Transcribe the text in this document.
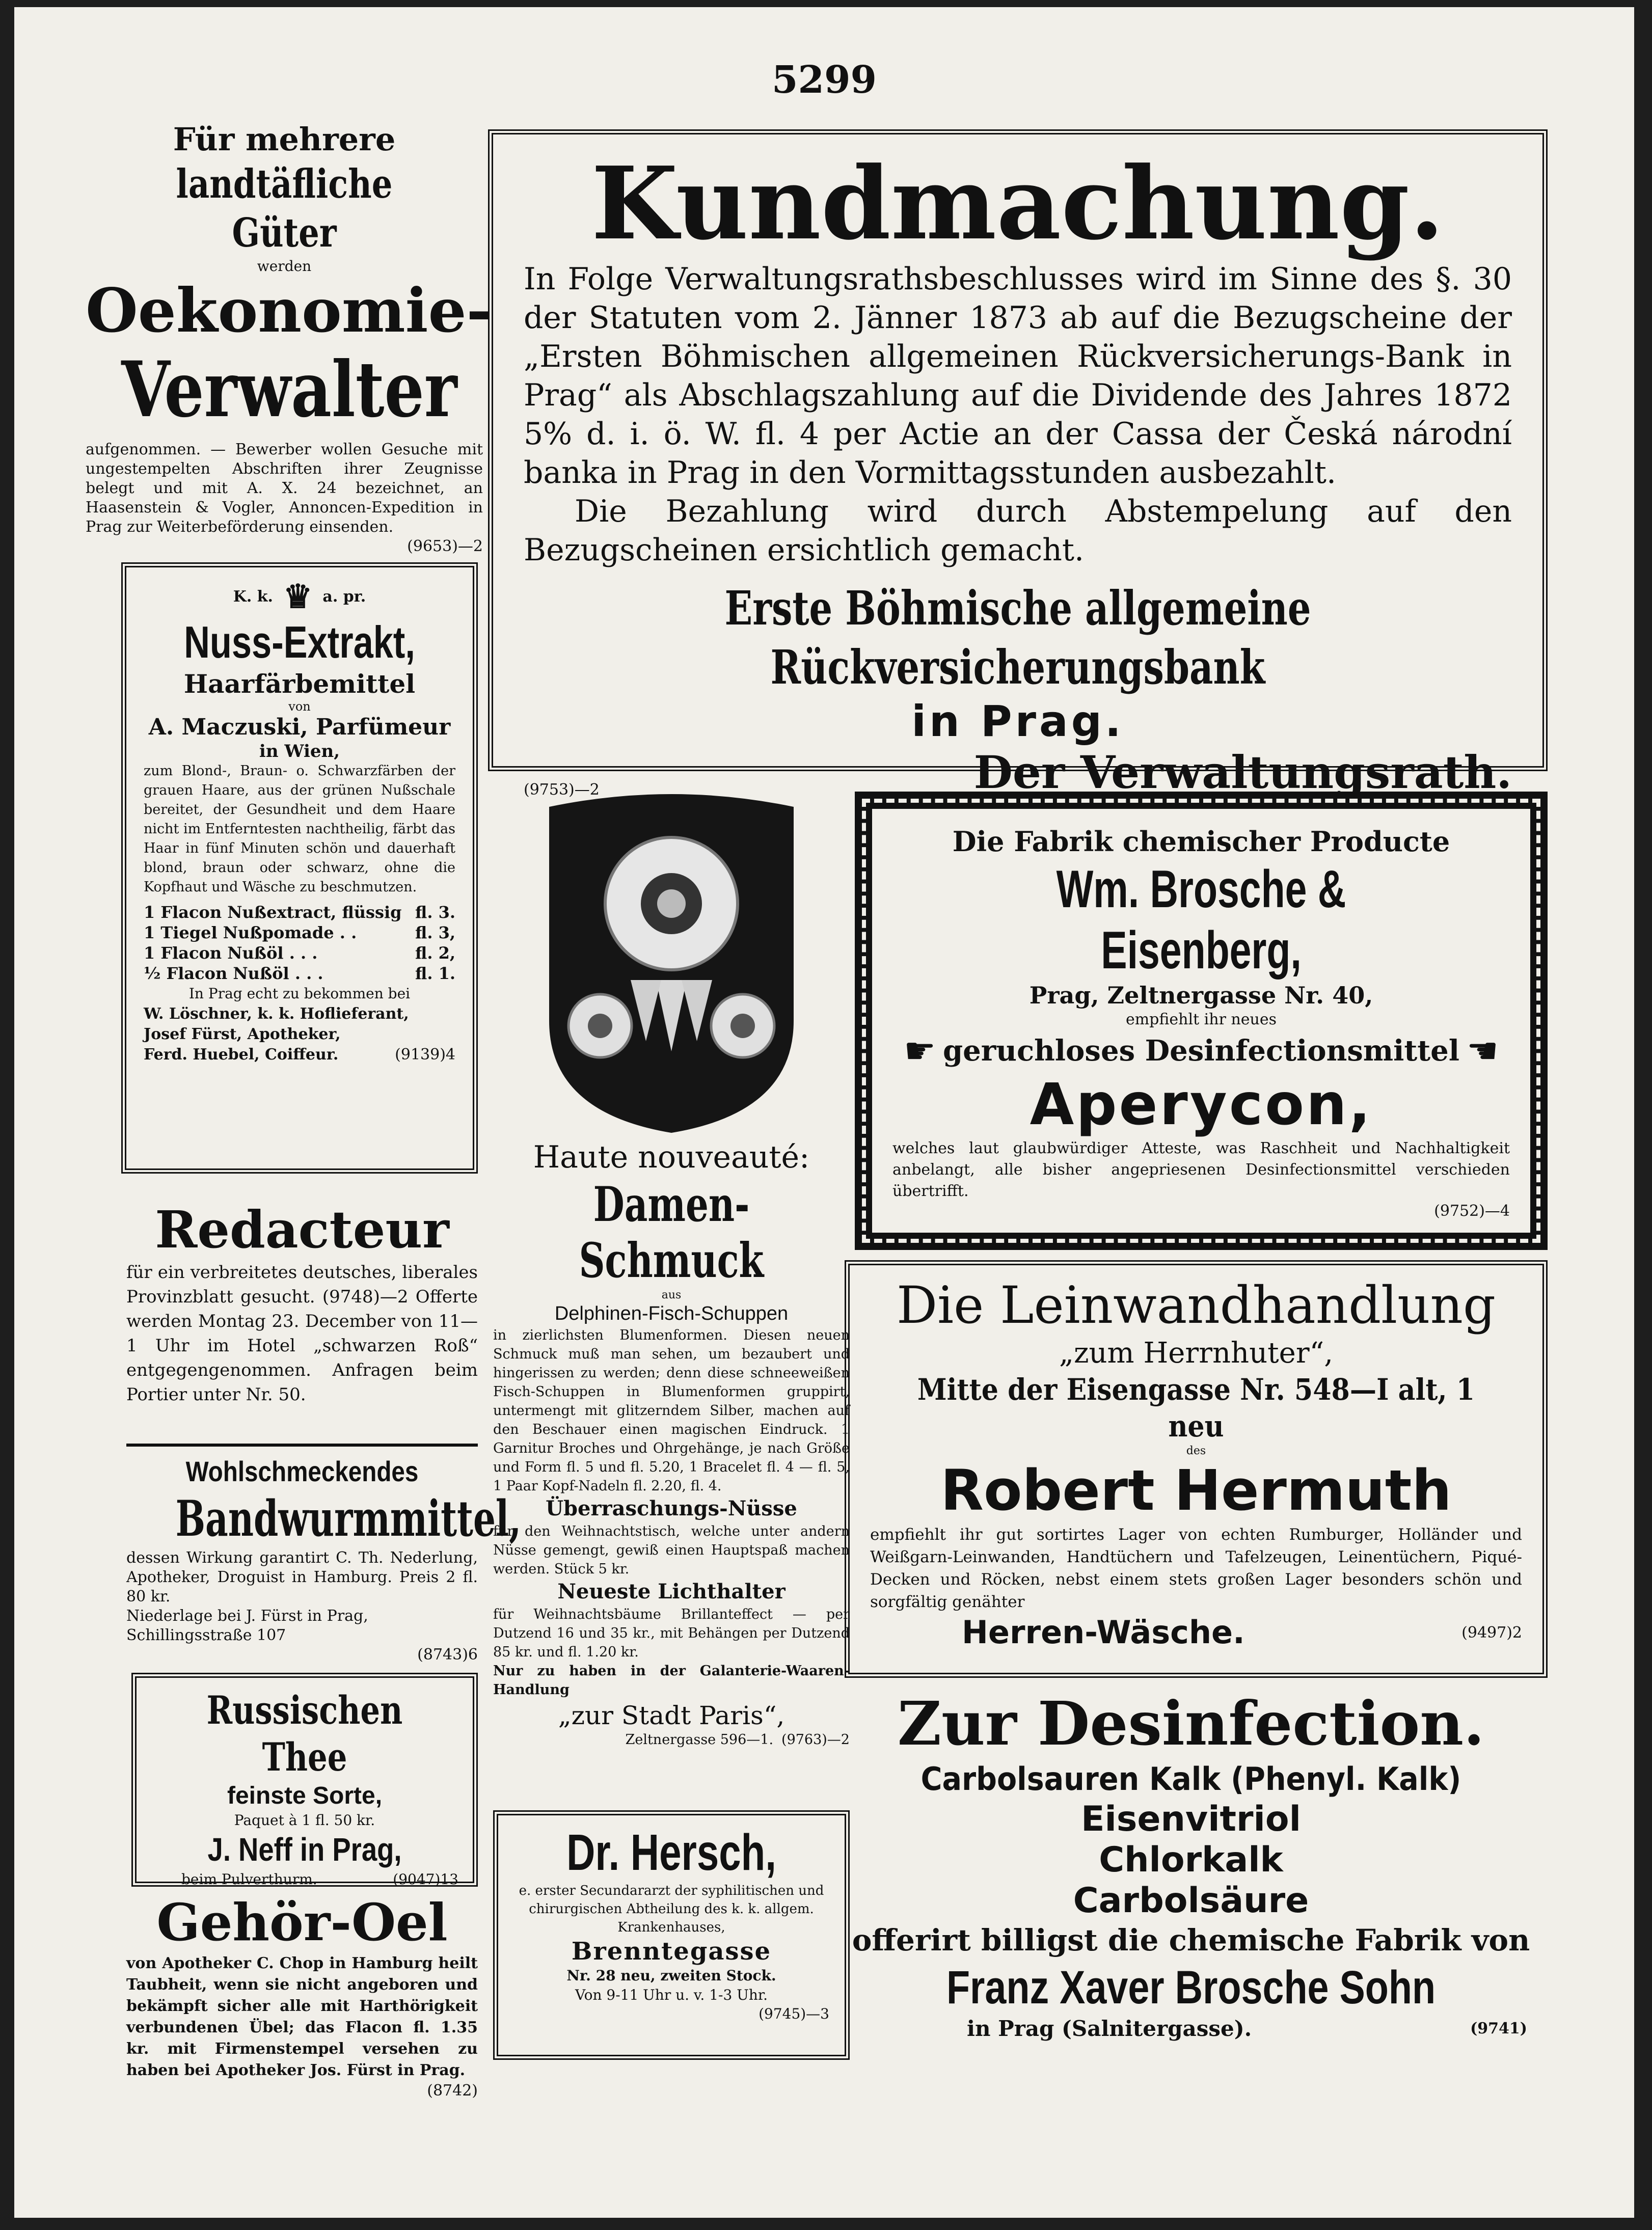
5299
Für mehrere
landtäfliche Güter
werden
Oekonomie-
Verwalter
aufgenommen. — Bewerber wollen Gesuche mit ungestempelten Abschriften ihrer Zeugnisse belegt und mit A. X. 24 bezeichnet, an Haasenstein & Vogler, Annoncen-Expedition in Prag zur Weiterbeförderung einsenden.
(9653)—2
K. k. ♛ a. pr.
Nuss-Extrakt,
Haarfärbemittel
von
A. Maczuski, Parfümeur
in Wien,
zum Blond-, Braun- o. Schwarzfärben der grauen Haare, aus der grünen Nußschale bereitet, der Gesundheit und dem Haare nicht im Entferntesten nachtheilig, färbt das Haar in fünf Minuten schön und dauerhaft blond, braun oder schwarz, ohne die Kopfhaut und Wäsche zu beschmutzen.
1 Flacon Nußextract, flüssig fl. 3.
1 Tiegel Nußpomade . .	fl. 3,
1 Flacon Nußöl . . .	fl. 2,
½ Flacon Nußöl . . .	fl. 1.
In Prag echt zu bekommen bei
W. Löschner, k. k. Hoflieferant,
Josef Fürst, Apotheker,
Ferd. Huebel, Coiffeur.	(9139)4
Redacteur
für ein verbreitetes deutsches, liberales Provinzblatt gesucht. (9748)—2 Offerte werden Montag 23. December von 11—1 Uhr im Hotel „schwarzen Roß“ entgegengenommen. Anfragen beim Portier unter Nr. 50.
Wohlschmeckendes
Bandwurmmittel,
dessen Wirkung garantirt C. Th. Nederlung, Apotheker, Droguist in Hamburg. Preis 2 fl. 80 kr.
Niederlage bei J. Fürst in Prag, Schillingsstraße 107
(8743)6
Russischen Thee
feinste Sorte,
Paquet à 1 fl. 50 kr.
J. Neff in Prag,
beim Pulverthurm.	(9047)13
Gehör-Oel
von Apotheker C. Chop in Hamburg heilt Taubheit, wenn sie nicht angeboren und bekämpft sicher alle mit Harthörigkeit verbundenen Übel; das Flacon fl. 1.35 kr. mit Firmenstempel versehen zu haben bei Apotheker Jos. Fürst in Prag.
(8742)
Kundmachung.
In Folge Verwaltungsrathsbeschlusses wird im Sinne des §. 30 der Statuten vom 2. Jänner 1873 ab auf die Bezugscheine der „Ersten Böhmischen allgemeinen Rückversicherungs-Bank in Prag“ als Abschlagszahlung auf die Dividende des Jahres 1872 5% d. i. ö. W. fl. 4 per Actie an der Cassa der Česká národní banka in Prag in den Vormittagsstunden ausbezahlt.
Die Bezahlung wird durch Abstempelung auf den Bezugscheinen ersichtlich gemacht.
Erste Böhmische allgemeine Rückversicherungsbank
in Prag.
(9753)—2	Der Verwaltungsrath.
Haute nouveauté:
Damen-Schmuck
aus
Delphinen-Fisch-Schuppen
in zierlichsten Blumenformen. Diesen neuen Schmuck muß man sehen, um bezaubert und hingerissen zu werden; denn diese schneeweißen Fisch-Schuppen in Blumenformen gruppirt, untermengt mit glitzerndem Silber, machen auf den Beschauer einen magischen Eindruck. 1 Garnitur Broches und Ohrgehänge, je nach Größe und Form fl. 5 und fl. 5.20, 1 Bracelet fl. 4 — fl. 5, 1 Paar Kopf-Nadeln fl. 2.20, fl. 4.
Überraschungs-Nüsse
für den Weihnachtstisch, welche unter andern Nüsse gemengt, gewiß einen Hauptspaß machen werden. Stück 5 kr.
Neueste Lichthalter
für Weihnachtsbäume Brillanteffect — per Dutzend 16 und 35 kr., mit Behängen per Dutzend 85 kr. und fl. 1.20 kr.
Nur zu haben in der Galanterie-Waaren-Handlung
„zur Stadt Paris“,
Zeltnergasse 596—1. (9763)—2
Dr. Hersch,
e. erster Secundararzt der syphilitischen und chirurgischen Abtheilung des k. k. allgem. Krankenhauses,
Brenntegasse
Nr. 28 neu, zweiten Stock.
Von 9-11 Uhr u. v. 1-3 Uhr.
(9745)—3
Die Fabrik chemischer Producte
Wm. Brosche & Eisenberg,
Prag, Zeltnergasse Nr. 40,
empfiehlt ihr neues
☛ geruchloses Desinfectionsmittel ☚
Aperycon,
welches laut glaubwürdiger Atteste, was Raschheit und Nachhaltigkeit anbelangt, alle bisher angepriesenen Desinfectionsmittel verschieden übertrifft.
(9752)—4
Die Leinwandhandlung
„zum Herrnhuter“,
Mitte der Eisengasse Nr. 548—I alt, 1 neu
des
Robert Hermuth
empfiehlt ihr gut sortirtes Lager von echten Rumburger, Holländer und Weißgarn-Leinwanden, Handtüchern und Tafelzeugen, Leinentüchern, Piqué-Decken und Röcken, nebst einem stets großen Lager besonders schön und sorgfältig genähter
Herren-Wäsche.	(9497)2
Zur Desinfection.
Carbolsauren Kalk (Phenyl. Kalk)
Eisenvitriol
Chlorkalk
Carbolsäure
offerirt billigst die chemische Fabrik von
Franz Xaver Brosche Sohn
in Prag (Salnitergasse).	(9741)
